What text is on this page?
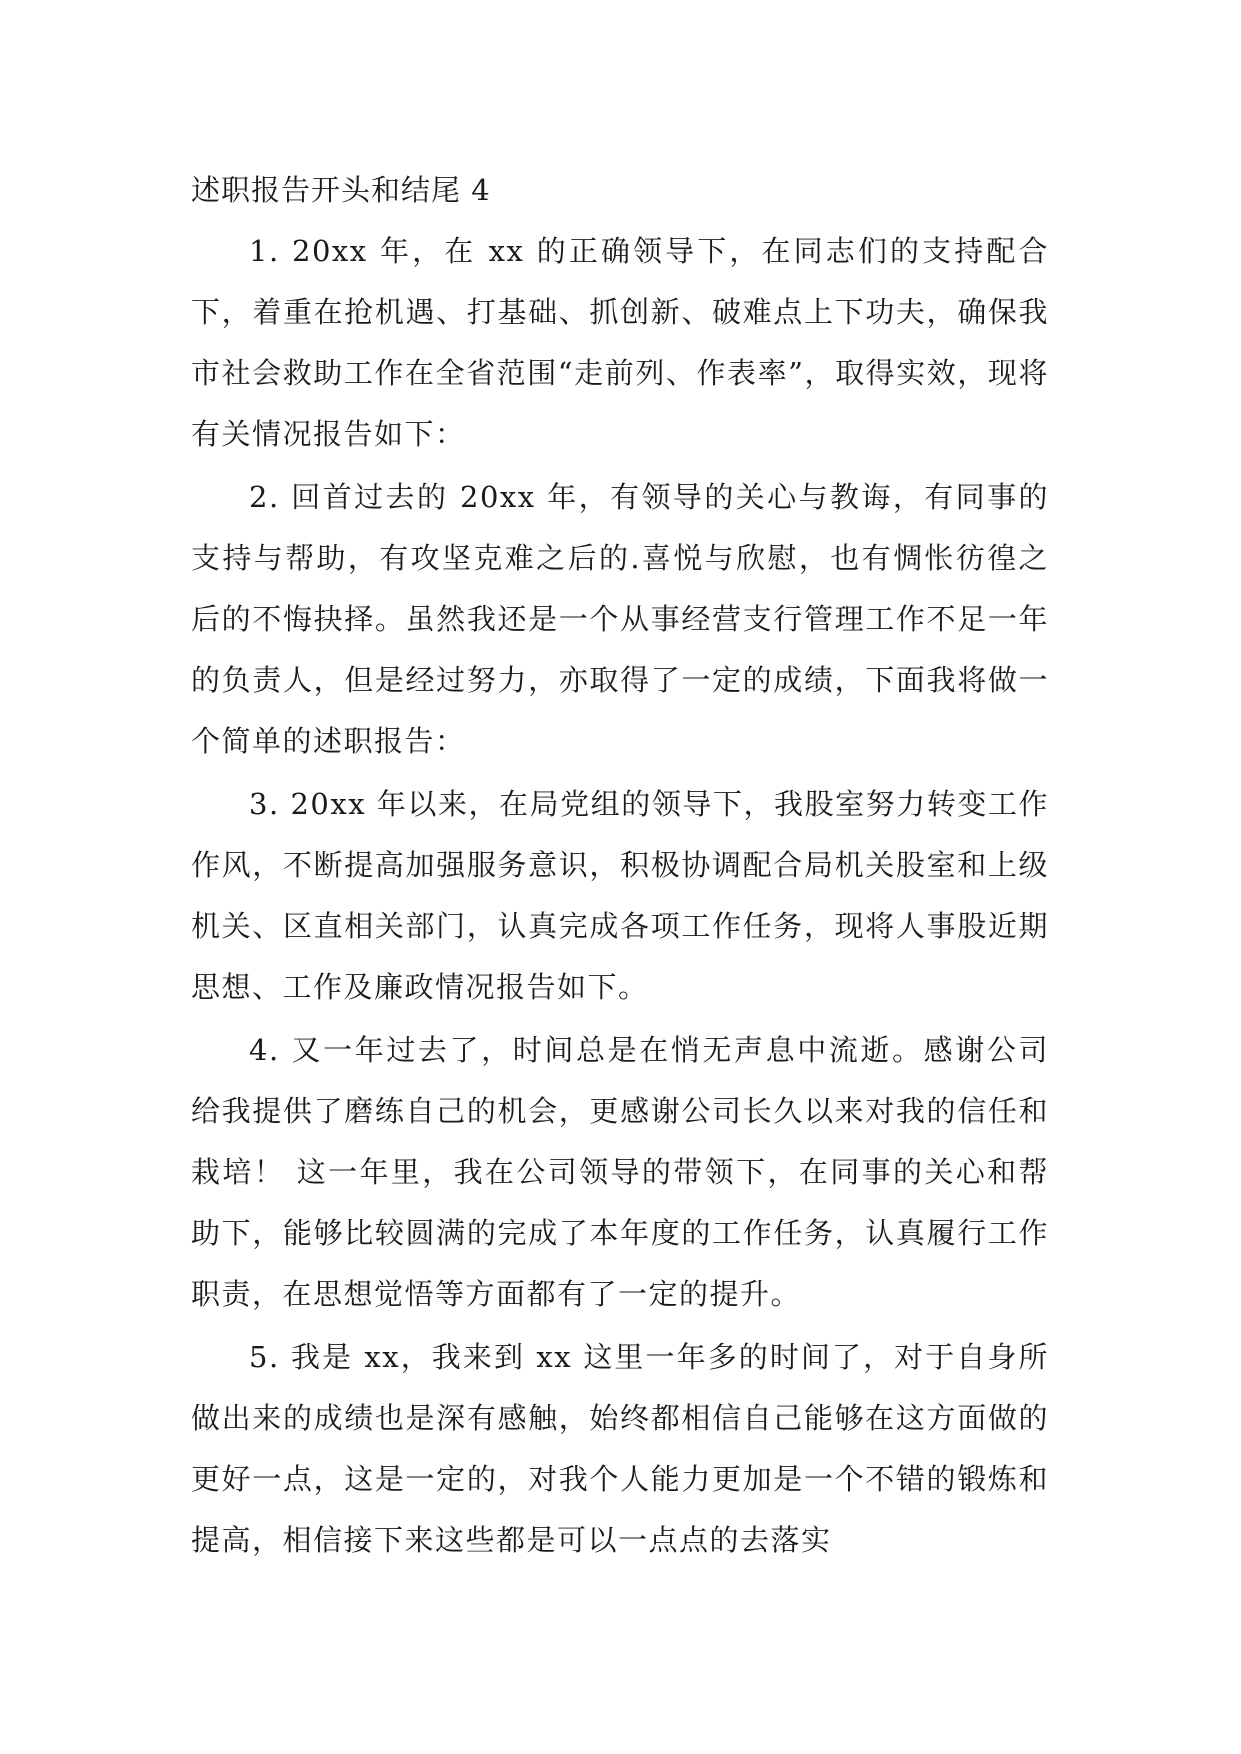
述职报告开头和结尾 4

1. 20xx 年，在 xx 的正确领导下，在同志们的支持配合下，着重在抢机遇、打基础、抓创新、破难点上下功夫，确保我市社会救助工作在全省范围“走前列、作表率”，取得实效，现将有关情况报告如下：

2. 回首过去的 20xx 年，有领导的关心与教诲，有同事的支持与帮助，有攻坚克难之后的.喜悦与欣慰，也有惆怅彷徨之后的不悔抉择。虽然我还是一个从事经营支行管理工作不足一年的负责人，但是经过努力，亦取得了一定的成绩，下面我将做一个简单的述职报告：

3. 20xx 年以来，在局党组的领导下，我股室努力转变工作作风，不断提高加强服务意识，积极协调配合局机关股室和上级机关、区直相关部门，认真完成各项工作任务，现将人事股近期思想、工作及廉政情况报告如下。

4. 又一年过去了，时间总是在悄无声息中流逝。感谢公司给我提供了磨练自己的机会，更感谢公司长久以来对我的信任和栽培！ 这一年里，我在公司领导的带领下，在同事的关心和帮助下，能够比较圆满的完成了本年度的工作任务，认真履行工作职责，在思想觉悟等方面都有了一定的提升。

5. 我是 xx，我来到 xx 这里一年多的时间了，对于自身所做出来的成绩也是深有感触，始终都相信自己能够在这方面做的更好一点，这是一定的，对我个人能力更加是一个不错的锻炼和提高，相信接下来这些都是可以一点点的去落实
